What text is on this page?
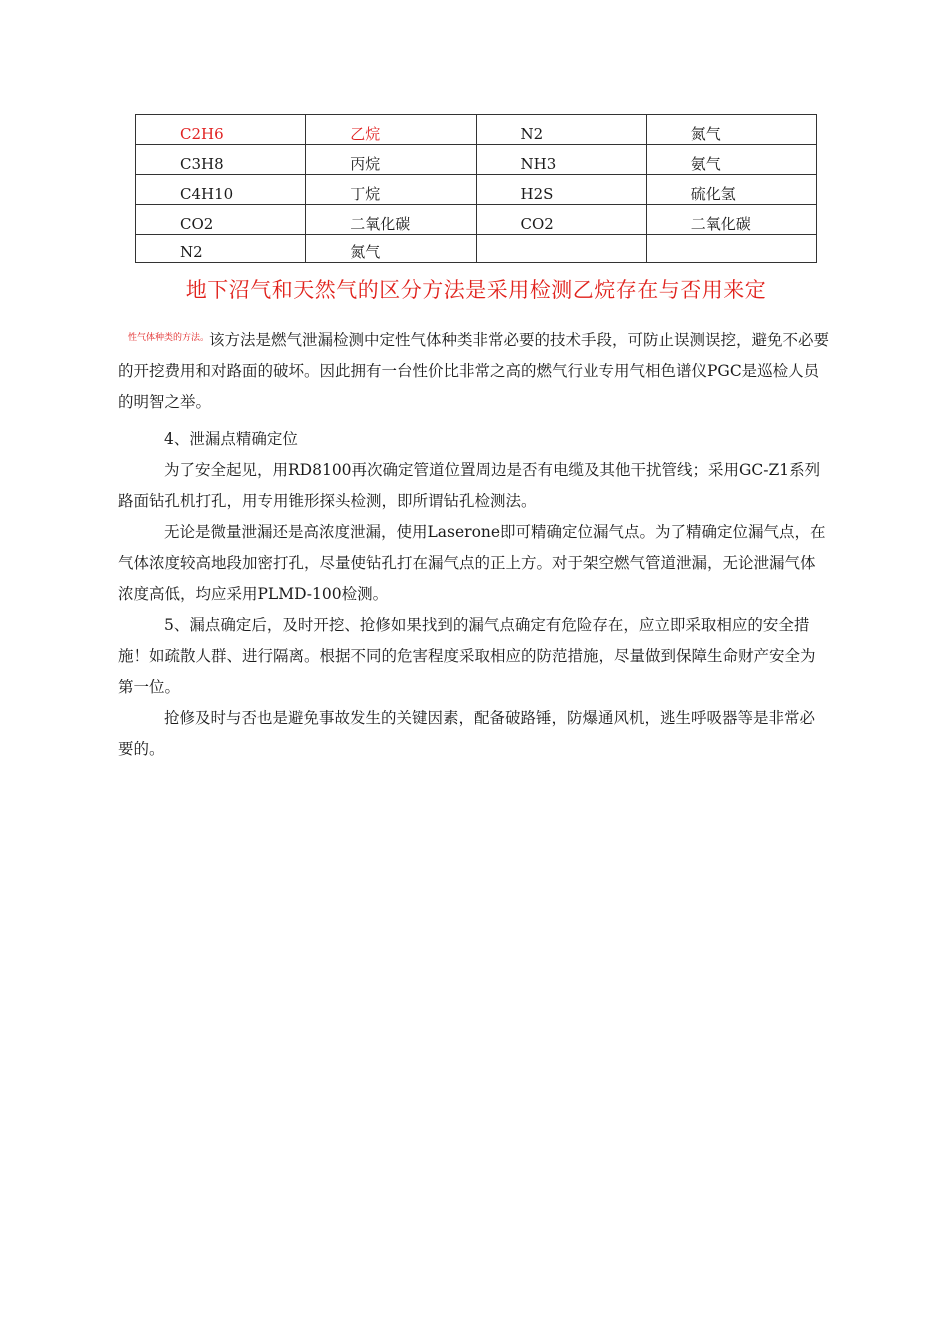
C2H6	乙烷	N2	氮气
C3H8	丙烷	NH3	氨气
C4H10	丁烷	H2S	硫化氢
CO2	二氧化碳	CO2	二氧化碳
N2	氮气		
地下沼气和天然气的区分方法是采用检测乙烷存在与否用来定

$^{性气体种类的方法。}$该方法是燃气泄漏检测中定性气体种类非常必要的技术手段，可防止误测误挖，避免不必要的开挖费用和对路面的破坏。因此拥有一台性价比非常之高的燃气行业专用气相色谱仪PGC是巡检人员的明智之举。

4、泄漏点精确定位

为了安全起见，用RD8100再次确定管道位置周边是否有电缆及其他干扰管线；采用GC-Z1系列路面钻孔机打孔，用专用锥形探头检测，即所谓钻孔检测法。

无论是微量泄漏还是高浓度泄漏，使用Laserone即可精确定位漏气点。为了精确定位漏气点，在气体浓度较高地段加密打孔，尽量使钻孔打在漏气点的正上方。对于架空燃气管道泄漏，无论泄漏气体浓度高低，均应采用PLMD-100检测。

5、漏点确定后，及时开挖、抢修如果找到的漏气点确定有危险存在，应立即采取相应的安全措施！如疏散人群、进行隔离。根据不同的危害程度采取相应的防范措施，尽量做到保障生命财产安全为第一位。

抢修及时与否也是避免事故发生的关键因素，配备破路锤，防爆通风机，逃生呼吸器等是非常必要的。
